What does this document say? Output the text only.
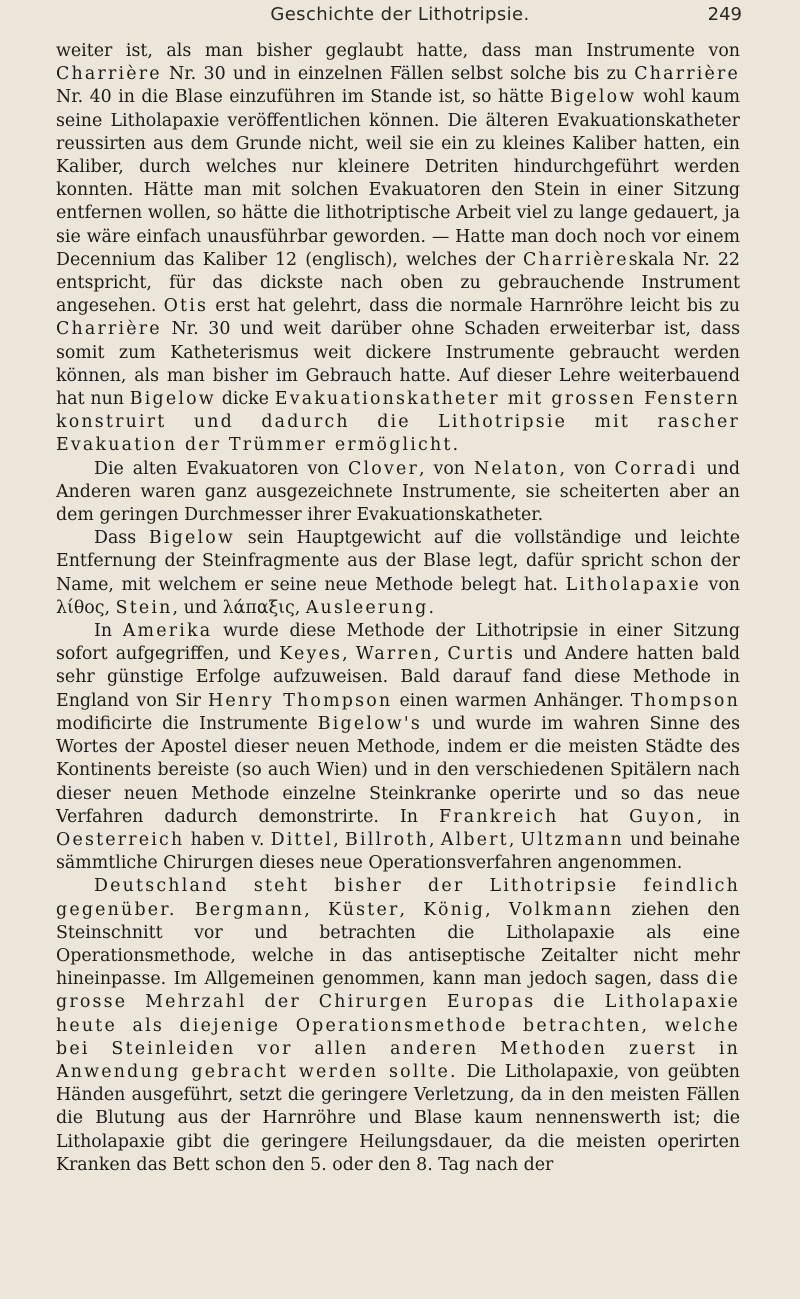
Geschichte der Lithotripsie.	249

weiter ist, als man bisher geglaubt hatte, dass man Instrumente von Charrière Nr. 30 und in einzelnen Fällen selbst solche bis zu Charrière Nr. 40 in die Blase einzuführen im Stande ist, so hätte Bigelow wohl kaum seine Litholapaxie veröffentlichen können. Die älteren Evakuationskatheter reussirten aus dem Grunde nicht, weil sie ein zu kleines Kaliber hatten, ein Kaliber, durch welches nur kleinere Detriten hindurchgeführt werden konnten. Hätte man mit solchen Evakuatoren den Stein in einer Sitzung entfernen wollen, so hätte die lithotriptische Arbeit viel zu lange gedauert, ja sie wäre einfach unausführbar geworden. — Hatte man doch noch vor einem Decennium das Kaliber 12 (englisch), welches der Charrièreskala Nr. 22 entspricht, für das dickste nach oben zu gebrauchende Instrument angesehen. Otis erst hat gelehrt, dass die normale Harnröhre leicht bis zu Charrière Nr. 30 und weit darüber ohne Schaden erweiterbar ist, dass somit zum Katheterismus weit dickere Instrumente gebraucht werden können, als man bisher im Gebrauch hatte. Auf dieser Lehre weiterbauend hat nun Bigelow dicke Evakuationskatheter mit grossen Fenstern konstruirt und dadurch die Lithotripsie mit rascher Evakuation der Trümmer ermöglicht.

Die alten Evakuatoren von Clover, von Nelaton, von Corradi und Anderen waren ganz ausgezeichnete Instrumente, sie scheiterten aber an dem geringen Durchmesser ihrer Evakuationskatheter.

Dass Bigelow sein Hauptgewicht auf die vollständige und leichte Entfernung der Steinfragmente aus der Blase legt, dafür spricht schon der Name, mit welchem er seine neue Methode belegt hat. Litholapaxie von λίθος, Stein, und λάπαξις, Ausleerung.

In Amerika wurde diese Methode der Lithotripsie in einer Sitzung sofort aufgegriffen, und Keyes, Warren, Curtis und Andere hatten bald sehr günstige Erfolge aufzuweisen. Bald darauf fand diese Methode in England von Sir Henry Thompson einen warmen Anhänger. Thompson modificirte die Instrumente Bigelow's und wurde im wahren Sinne des Wortes der Apostel dieser neuen Methode, indem er die meisten Städte des Kontinents bereiste (so auch Wien) und in den verschiedenen Spitälern nach dieser neuen Methode einzelne Steinkranke operirte und so das neue Verfahren dadurch demonstrirte. In Frankreich hat Guyon, in Oesterreich haben v. Dittel, Billroth, Albert, Ultzmann und beinahe sämmtliche Chirurgen dieses neue Operationsverfahren angenommen.

Deutschland steht bisher der Lithotripsie feindlich gegenüber. Bergmann, Küster, König, Volkmann ziehen den Steinschnitt vor und betrachten die Litholapaxie als eine Operationsmethode, welche in das antiseptische Zeitalter nicht mehr hineinpasse. Im Allgemeinen genommen, kann man jedoch sagen, dass die grosse Mehrzahl der Chirurgen Europas die Litholapaxie heute als diejenige Operationsmethode betrachten, welche bei Steinleiden vor allen anderen Methoden zuerst in Anwendung gebracht werden sollte. Die Litholapaxie, von geübten Händen ausgeführt, setzt die geringere Verletzung, da in den meisten Fällen die Blutung aus der Harnröhre und Blase kaum nennenswerth ist; die Litholapaxie gibt die geringere Heilungsdauer, da die meisten operirten Kranken das Bett schon den 5. oder den 8. Tag nach der
